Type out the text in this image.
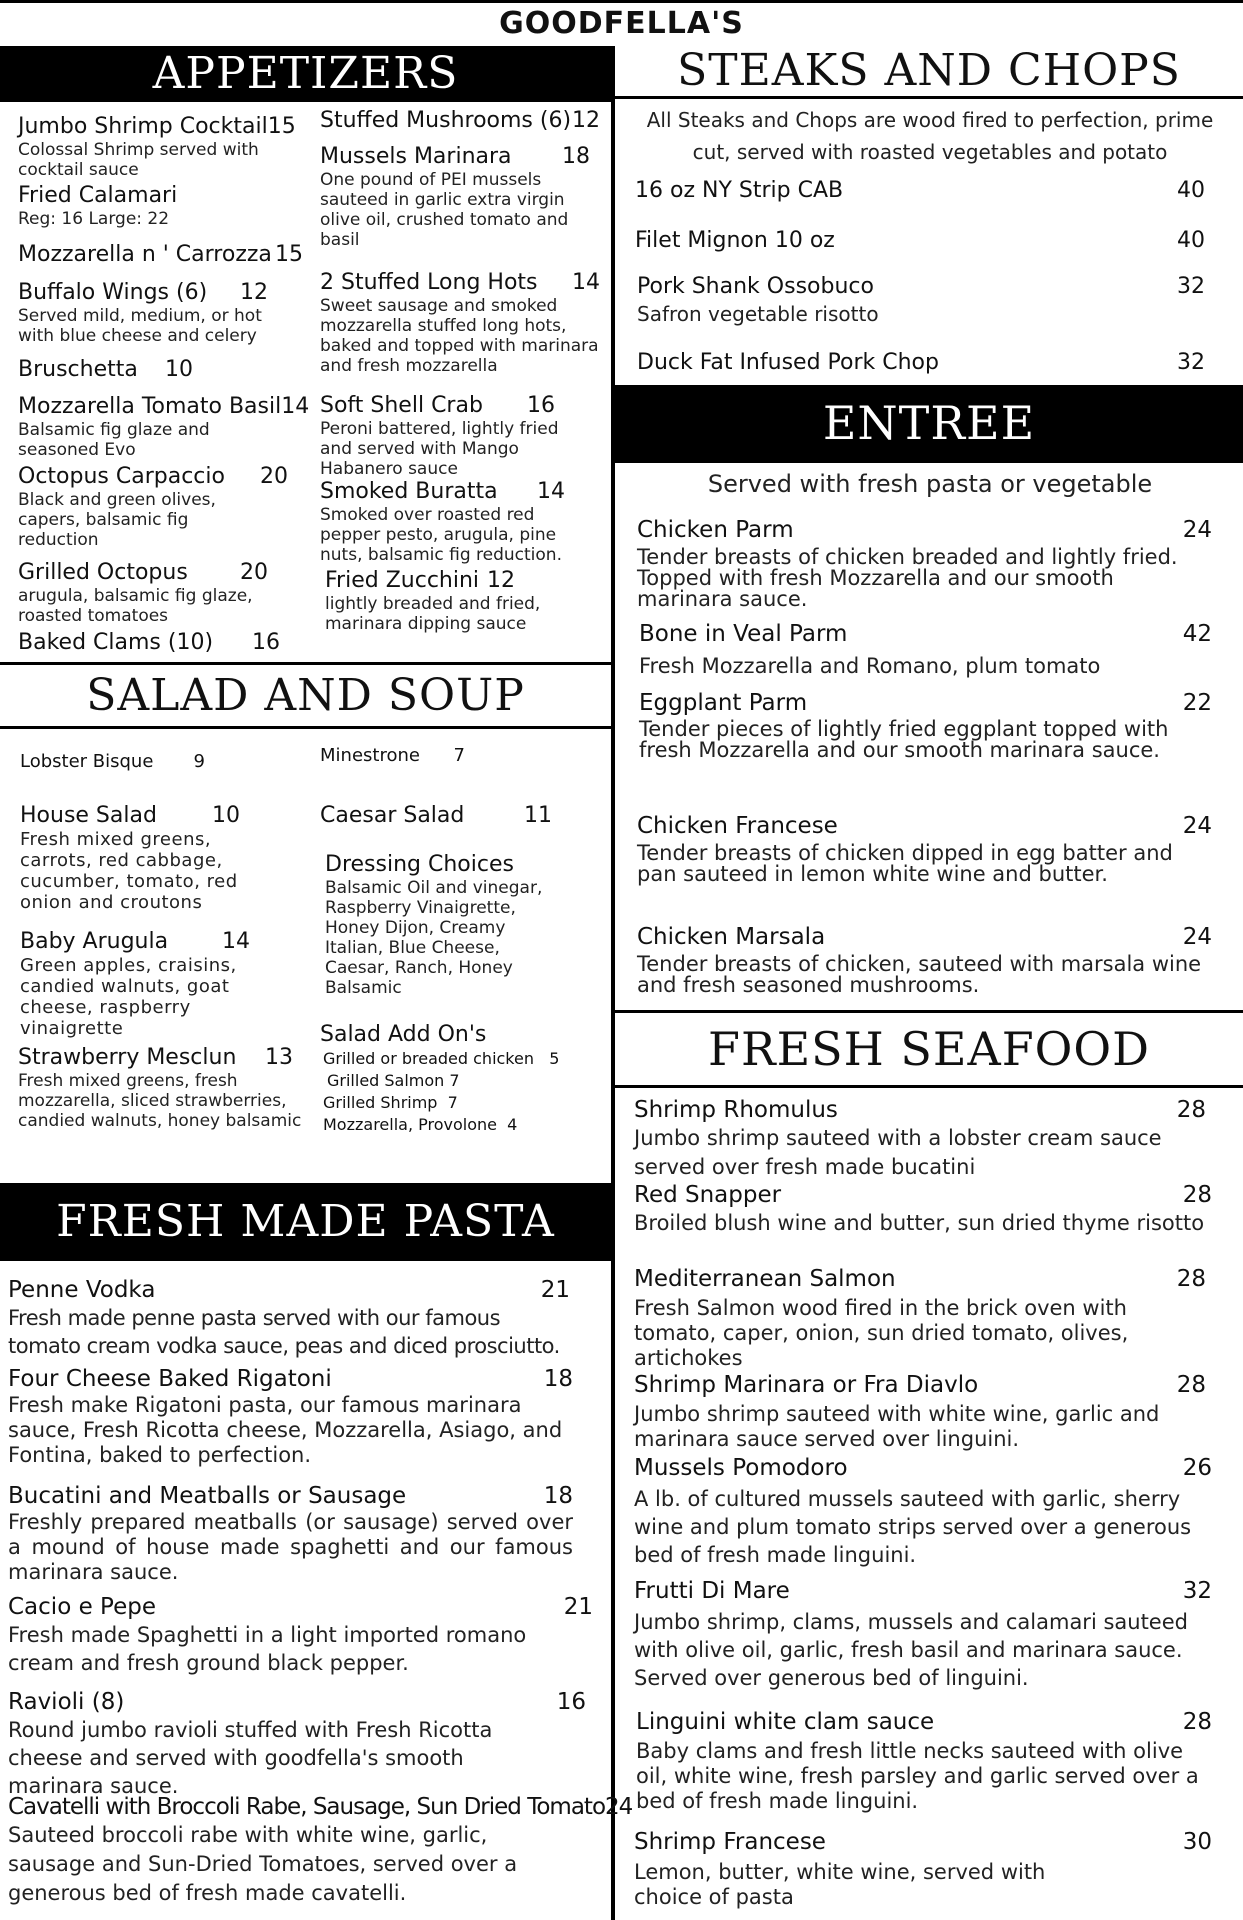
GOODFELLA'S
APPETIZERS	STEAKS AND CHOPS
ENTREE
SALAD AND SOUP
FRESH SEAFOOD
FRESH MADE PASTA
All Steaks and Chops are wood fired to perfection, prime cut, served with roasted vegetables and potato
Served with fresh pasta or vegetable
Jumbo Shrimp Cocktail 15
Colossal Shrimp served with cocktail sauce
Fried Calamari
Reg: 16 Large: 22
Mozzarella n ' Carrozza 15
Buffalo Wings (6) 12
Served mild, medium, or hot with blue cheese and celery
Bruschetta 10
Mozzarella Tomato Basil 14
Balsamic fig glaze and seasoned Evo
Octopus Carpaccio 20
Black and green olives, capers, balsamic fig reduction
Grilled Octopus 20
arugula, balsamic fig glaze, roasted tomatoes
Baked Clams (10) 16
Stuffed Mushrooms (6) 12
Mussels Marinara 18
One pound of PEI mussels sauteed in garlic extra virgin olive oil, crushed tomato and basil
2 Stuffed Long Hots 14
Sweet sausage and smoked mozzarella stuffed long hots, baked and topped with marinara and fresh mozzarella
Soft Shell Crab 16
Peroni battered, lightly fried and served with Mango Habanero sauce
Smoked Buratta 14
Smoked over roasted red pepper pesto, arugula, pine nuts, balsamic fig reduction.
Fried Zucchini 12
lightly breaded and fried, marinara dipping sauce
16 oz NY Strip CAB	40
Filet Mignon 10 oz	40
Pork Shank Ossobuco	32
Safron vegetable risotto
Duck Fat Infused Pork Chop	32
Chicken Parm	24
Tender breasts of chicken breaded and lightly fried. Topped with fresh Mozzarella and our smooth marinara sauce.
Bone in Veal Parm	42
Fresh Mozzarella and Romano, plum tomato
Eggplant Parm	22
Tender pieces of lightly fried eggplant topped with fresh Mozzarella and our smooth marinara sauce.
Chicken Francese	24
Tender breasts of chicken dipped in egg batter and pan sauteed in lemon white wine and butter.
Chicken Marsala	24
Tender breasts of chicken, sauteed with marsala wine and fresh seasoned mushrooms.
Lobster Bisque 9
House Salad	10
Fresh mixed greens, carrots, red cabbage, cucumber, tomato, red onion and croutons
Baby Arugula 14
Green apples, craisins, candied walnuts, goat cheese, raspberry vinaigrette
Strawberry Mesclun 13
Fresh mixed greens, fresh mozzarella, sliced strawberries, candied walnuts, honey balsamic
Minestrone 7
Caesar Salad	11
Dressing Choices
Balsamic Oil and vinegar, Raspberry Vinaigrette, Honey Dijon, Creamy Italian, Blue Cheese, Caesar, Ranch, Honey Balsamic
Salad Add On's
Grilled or breaded chicken 5
Grilled Salmon 7
Grilled Shrimp 7
Mozzarella, Provolone 4
Shrimp Rhomulus	28
Jumbo shrimp sauteed with a lobster cream sauce served over fresh made bucatini
Red Snapper	28
Broiled blush wine and butter, sun dried thyme risotto
Mediterranean Salmon	28
Fresh Salmon wood fired in the brick oven with tomato, caper, onion, sun dried tomato, olives, artichokes
Shrimp Marinara or Fra Diavlo	28
Jumbo shrimp sauteed with white wine, garlic and marinara sauce served over linguini.
Mussels Pomodoro	26
A lb. of cultured mussels sauteed with garlic, sherry wine and plum tomato strips served over a generous bed of fresh made linguini.
Frutti Di Mare	32
Jumbo shrimp, clams, mussels and calamari sauteed with olive oil, garlic, fresh basil and marinara sauce. Served over generous bed of linguini.
Linguini white clam sauce	28
Baby clams and fresh little necks sauteed with olive oil, white wine, fresh parsley and garlic served over a bed of fresh made linguini.
Shrimp Francese	30
Lemon, butter, white wine, served with choice of pasta
Penne Vodka	21
Fresh made penne pasta served with our famous tomato cream vodka sauce, peas and diced prosciutto.
Four Cheese Baked Rigatoni	18
Fresh make Rigatoni pasta, our famous marinara sauce, Fresh Ricotta cheese, Mozzarella, Asiago, and Fontina, baked to perfection.
Bucatini and Meatballs or Sausage	18
Freshly prepared meatballs (or sausage) served over a mound of house made spaghetti and our famous marinara sauce.
Cacio e Pepe	21
Fresh made Spaghetti in a light imported romano cream and fresh ground black pepper.
Ravioli (8)	16
Round jumbo ravioli stuffed with Fresh Ricotta cheese and served with goodfella's smooth marinara sauce.
Cavatelli with Broccoli Rabe, Sausage, Sun Dried Tomato 24
Sauteed broccoli rabe with white wine, garlic, sausage and Sun-Dried Tomatoes, served over a generous bed of fresh made cavatelli.
